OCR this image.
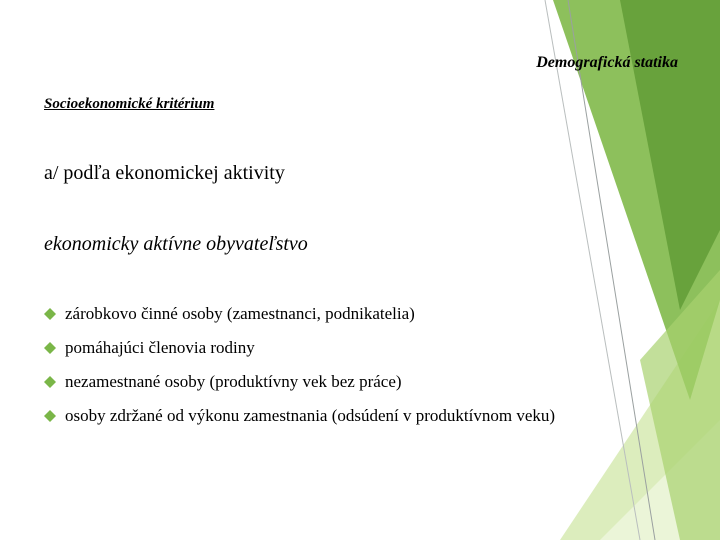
Demografická statika
Socioekonomické kritérium
a/ podľa ekonomickej aktivity
ekonomicky aktívne obyvateľstvo
zárobkovo činné osoby (zamestnanci, podnikatelia)
pomáhajúci členovia rodiny
nezamestnané osoby (produktívny vek bez práce)
osoby zdržané od výkonu zamestnania (odsúdení v produktívnom veku)
